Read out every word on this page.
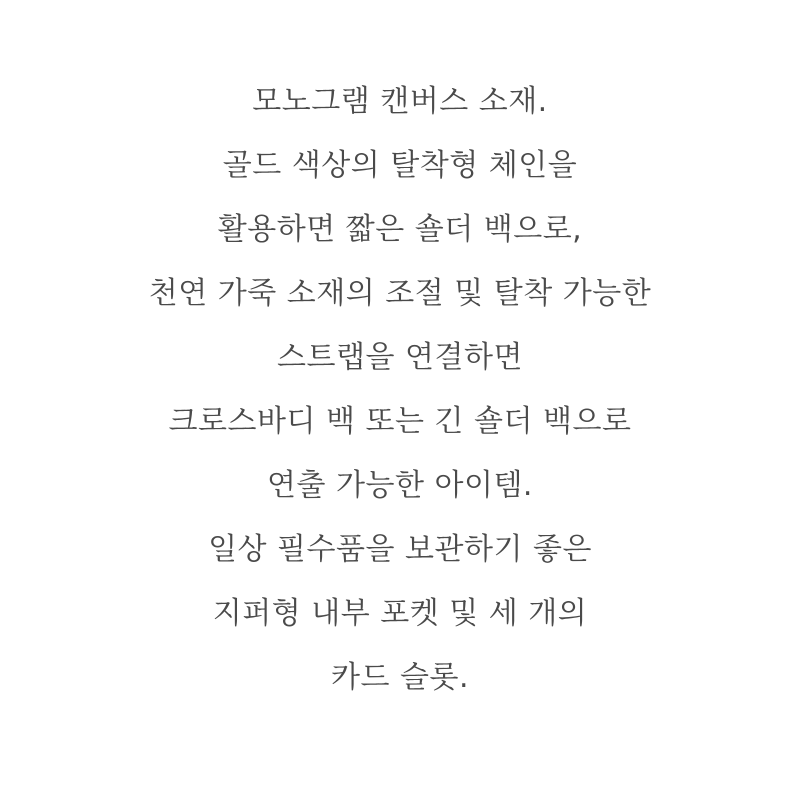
모노그램 캔버스 소재.
골드 색상의 탈착형 체인을
활용하면 짧은 숄더 백으로,
천연 가죽 소재의 조절 및 탈착 가능한
스트랩을 연결하면
크로스바디 백 또는 긴 숄더 백으로
연출 가능한 아이템.
일상 필수품을 보관하기 좋은
지퍼형 내부 포켓 및 세 개의
카드 슬롯.
